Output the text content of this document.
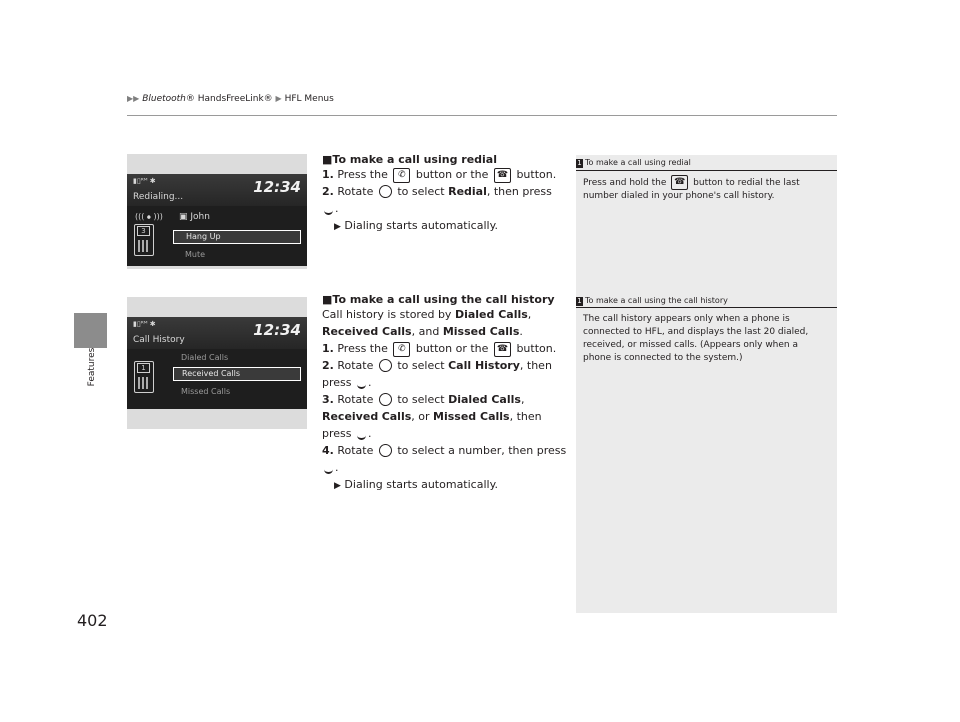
▶▶ Bluetooth® HandsFreeLink® ▶ HFL Menus
Features
402
▮▯ᴿᴹ ✱
Redialing...
12:34
((( ⦁ ))) ▣ John
3
Hang Up
Mute
▮▯ᴿᴹ ✱
Call History
12:34
1
Dialed Calls
Received Calls
Missed Calls
■To make a call using redial
1. Press the ✆ button or the ☎ button.
2. Rotate to select Redial, then press .
▶ Dialing starts automatically.
■To make a call using the call history
Call history is stored by Dialed Calls, Received Calls, and Missed Calls.
1. Press the ✆ button or the ☎ button.
2. Rotate to select Call History, then press .
3. Rotate to select Dialed Calls, Received Calls, or Missed Calls, then press .
4. Rotate to select a number, then press .
▶ Dialing starts automatically.
1 To make a call using redial
Press and hold the ☎ button to redial the last number dialed in your phone's call history.
1 To make a call using the call history
The call history appears only when a phone is connected to HFL, and displays the last 20 dialed, received, or missed calls. (Appears only when a phone is connected to the system.)
